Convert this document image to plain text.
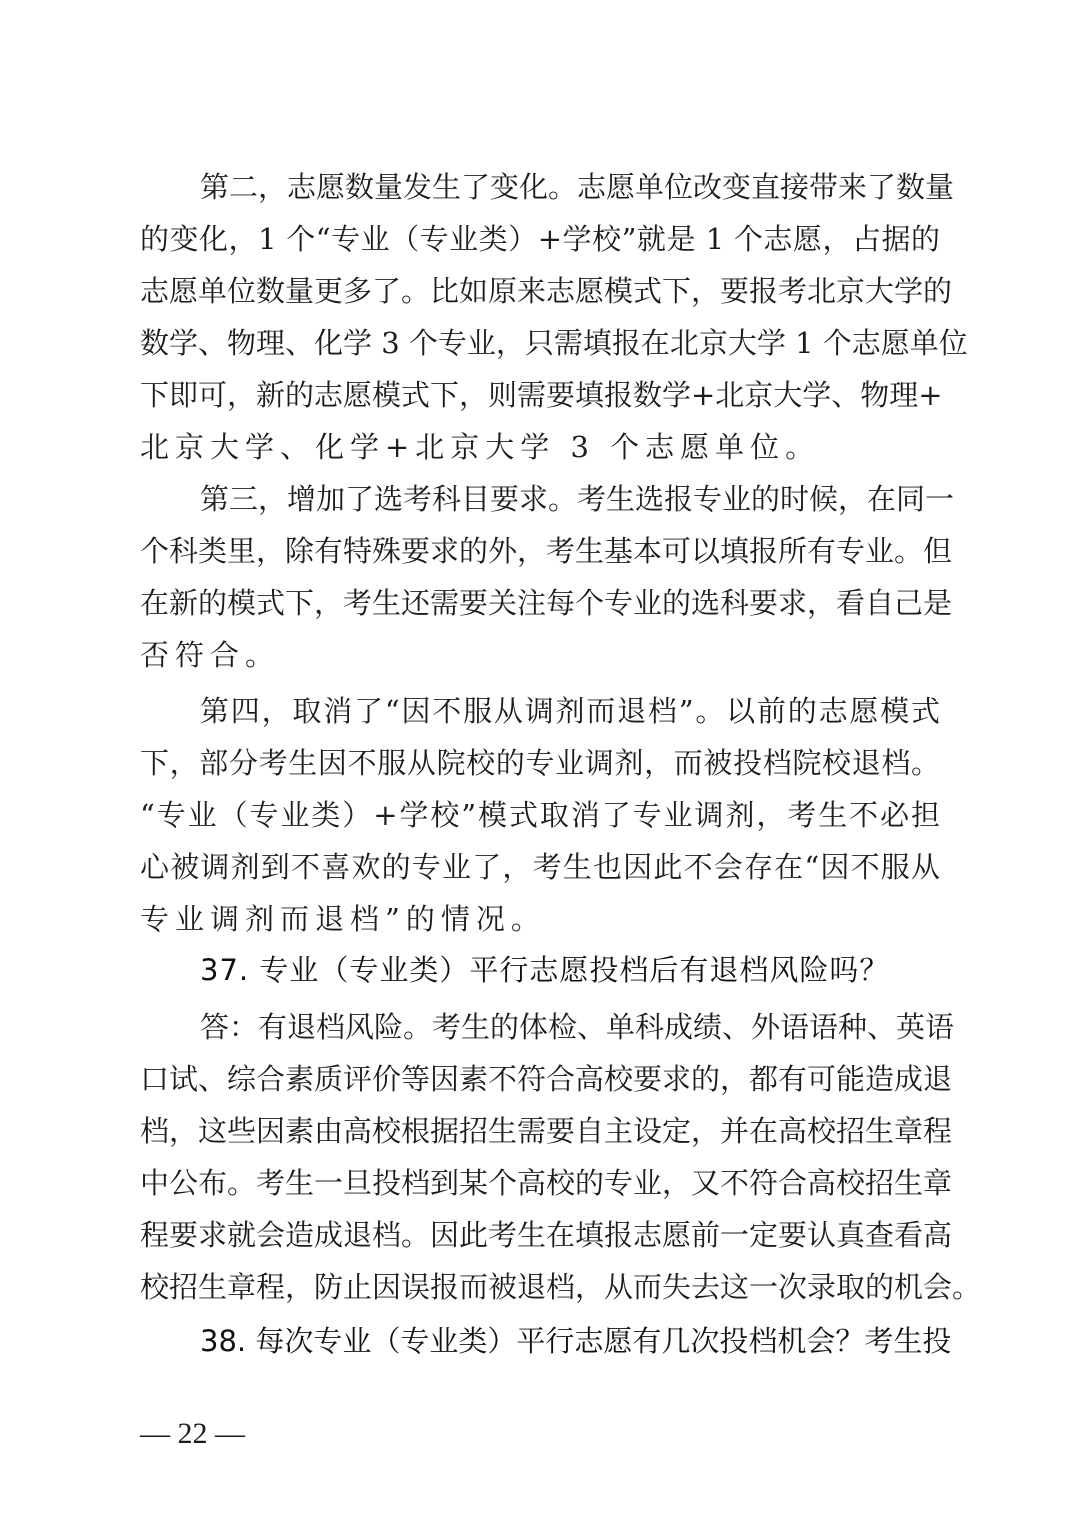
第二，志愿数量发生了变化。志愿单位改变直接带来了数量
的变化，1 个“专业（专业类）+学校”就是 1 个志愿，占据的
志愿单位数量更多了。比如原来志愿模式下，要报考北京大学的
数学、物理、化学 3 个专业，只需填报在北京大学 1 个志愿单位
下即可，新的志愿模式下，则需要填报数学+北京大学、物理+
北京大学、化学+北京大学 3 个志愿单位。
第三，增加了选考科目要求。考生选报专业的时候，在同一
个科类里，除有特殊要求的外，考生基本可以填报所有专业。但
在新的模式下，考生还需要关注每个专业的选科要求，看自己是
否符合。
第四，取消了“因不服从调剂而退档”。以前的志愿模式
下，部分考生因不服从院校的专业调剂，而被投档院校退档。
“专业（专业类）+学校”模式取消了专业调剂，考生不必担
心被调剂到不喜欢的专业了，考生也因此不会存在“因不服从
专业调剂而退档”的情况。
37. 专业（专业类）平行志愿投档后有退档风险吗？
答：有退档风险。考生的体检、单科成绩、外语语种、英语
口试、综合素质评价等因素不符合高校要求的，都有可能造成退
档，这些因素由高校根据招生需要自主设定，并在高校招生章程
中公布。考生一旦投档到某个高校的专业，又不符合高校招生章
程要求就会造成退档。因此考生在填报志愿前一定要认真查看高
校招生章程，防止因误报而被退档，从而失去这一次录取的机会。
38. 每次专业（专业类）平行志愿有几次投档机会？考生投
— 22 —
